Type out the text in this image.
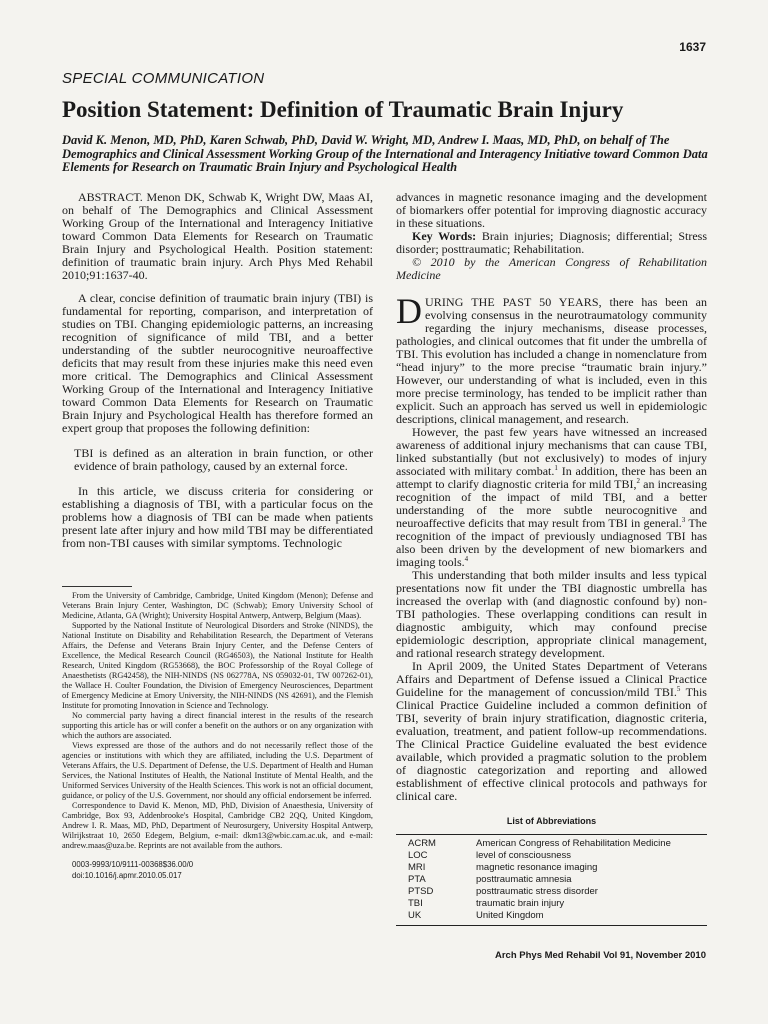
1637
SPECIAL COMMUNICATION
Position Statement: Definition of Traumatic Brain Injury
David K. Menon, MD, PhD, Karen Schwab, PhD, David W. Wright, MD, Andrew I. Maas, MD, PhD, on behalf of The Demographics and Clinical Assessment Working Group of the International and Interagency Initiative toward Common Data Elements for Research on Traumatic Brain Injury and Psychological Health

ABSTRACT. Menon DK, Schwab K, Wright DW, Maas AI, on behalf of The Demographics and Clinical Assessment Working Group of the International and Interagency Initiative toward Common Data Elements for Research on Traumatic Brain Injury and Psychological Health. Position statement: definition of traumatic brain injury. Arch Phys Med Rehabil 2010;91:1637-40.

A clear, concise definition of traumatic brain injury (TBI) is fundamental for reporting, comparison, and interpretation of studies on TBI. Changing epidemiologic patterns, an increasing recognition of significance of mild TBI, and a better understanding of the subtler neurocognitive neuroaffective deficits that may result from these injuries make this need even more critical. The Demographics and Clinical Assessment Working Group of the International and Interagency Initiative toward Common Data Elements for Research on Traumatic Brain Injury and Psychological Health has therefore formed an expert group that proposes the following definition:

TBI is defined as an alteration in brain function, or other evidence of brain pathology, caused by an external force.

In this article, we discuss criteria for considering or establishing a diagnosis of TBI, with a particular focus on the problems how a diagnosis of TBI can be made when patients present late after injury and how mild TBI may be differentiated from non-TBI causes with similar symptoms. Technologic

From the University of Cambridge, Cambridge, United Kingdom (Menon); Defense and Veterans Brain Injury Center, Washington, DC (Schwab); Emory University School of Medicine, Atlanta, GA (Wright); University Hospital Antwerp, Antwerp, Belgium (Maas).

Supported by the National Institute of Neurological Disorders and Stroke (NINDS), the National Institute on Disability and Rehabilitation Research, the Department of Veterans Affairs, the Defense and Veterans Brain Injury Center, and the Defense Centers of Excellence, the Medical Research Council (RG46503), the National Institute for Health Research, United Kingdom (RG53668), the BOC Professorship of the Royal College of Anaesthetists (RG42458), the NIH-NINDS (NS 062778A, NS 059032-01, TW 007262-01), the Wallace H. Coulter Foundation, the Division of Emergency Neurosciences, Department of Emergency Medicine at Emory University, the NIH-NINDS (NS 42691), and the Flemish Institute for promoting Innovation in Science and Technology.

No commercial party having a direct financial interest in the results of the research supporting this article has or will confer a benefit on the authors or on any organization with which the authors are associated.

Views expressed are those of the authors and do not necessarily reflect those of the agencies or institutions with which they are affiliated, including the U.S. Department of Veterans Affairs, the U.S. Department of Defense, the U.S. Department of Health and Human Services, the National Institutes of Health, the National Institute of Mental Health, and the Uniformed Services University of the Health Sciences. This work is not an official document, guidance, or policy of the U.S. Government, nor should any official endorsement be inferred.

Correspondence to David K. Menon, MD, PhD, Division of Anaesthesia, University of Cambridge, Box 93, Addenbrooke's Hospital, Cambridge CB2 2QQ, United Kingdom, Andrew I. R. Maas, MD, PhD, Department of Neurosurgery, University Hospital Antwerp, Wilrijkstraat 10, 2650 Edegem, Belgium, e-mail: dkm13@wbic.cam.ac.uk, and e-mail: andrew.maas@uza.be. Reprints are not available from the authors.

0003-9993/10/9111-00368$36.00/0
doi:10.1016/j.apmr.2010.05.017

advances in magnetic resonance imaging and the development of biomarkers offer potential for improving diagnostic accuracy in these situations.

Key Words: Brain injuries; Diagnosis; differential; Stress disorder; posttraumatic; Rehabilitation.

© 2010 by the American Congress of Rehabilitation Medicine

DURING THE PAST 50 YEARS, there has been an evolving consensus in the neurotraumatology community regarding the injury mechanisms, disease processes, pathologies, and clinical outcomes that fit under the umbrella of TBI. This evolution has included a change in nomenclature from “head injury” to the more precise “traumatic brain injury.” However, our understanding of what is included, even in this more precise terminology, has tended to be implicit rather than explicit. Such an approach has served us well in epidemiologic descriptions, clinical management, and research.

However, the past few years have witnessed an increased awareness of additional injury mechanisms that can cause TBI, linked substantially (but not exclusively) to modes of injury associated with military combat.$^1$ In addition, there has been an attempt to clarify diagnostic criteria for mild TBI,$^2$ an increasing recognition of the impact of mild TBI, and a better understanding of the more subtle neurocognitive and neuroaffective deficits that may result from TBI in general.$^3$ The recognition of the impact of previously undiagnosed TBI has also been driven by the development of new biomarkers and imaging tools.$^4$

This understanding that both milder insults and less typical presentations now fit under the TBI diagnostic umbrella has increased the overlap with (and diagnostic confound by) non-TBI pathologies. These overlapping conditions can result in diagnostic ambiguity, which may confound precise epidemiologic description, appropriate clinical management, and rational research strategy development.

In April 2009, the United States Department of Veterans Affairs and Department of Defense issued a Clinical Practice Guideline for the management of concussion/mild TBI.$^5$ This Clinical Practice Guideline included a common definition of TBI, severity of brain injury stratification, diagnostic criteria, evaluation, treatment, and patient follow-up recommendations. The Clinical Practice Guideline evaluated the best evidence available, which provided a pragmatic solution to the problem of diagnostic categorization and reporting and allowed establishment of effective clinical protocols and pathways for clinical care.

List of Abbreviations
ACRM	American Congress of Rehabilitation Medicine
LOC	level of consciousness
MRI	magnetic resonance imaging
PTA	posttraumatic amnesia
PTSD	posttraumatic stress disorder
TBI	traumatic brain injury
UK	United Kingdom
Arch Phys Med Rehabil Vol 91, November 2010
